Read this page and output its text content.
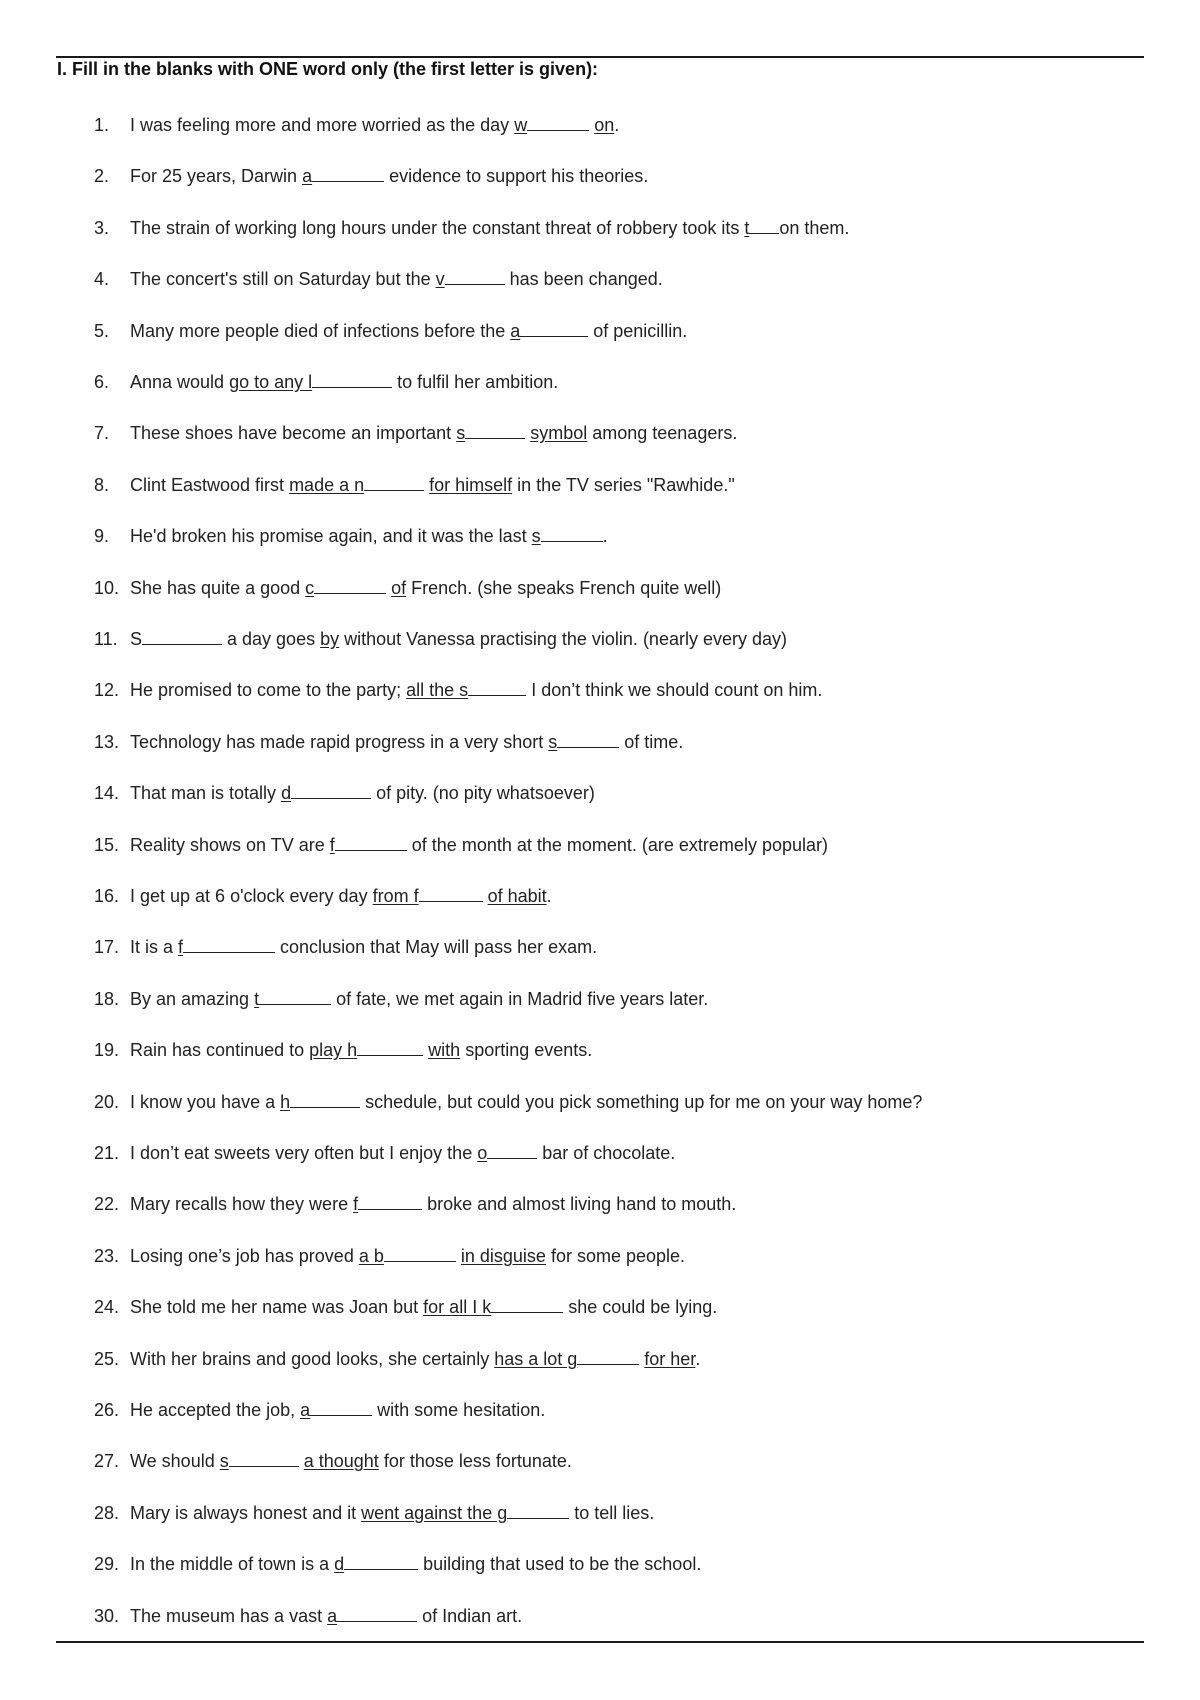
I. Fill in the blanks with ONE word only (the first letter is given):
1. I was feeling more and more worried as the day w	on.
2. For 25 years, Darwin a	evidence to support his theories.
3. The strain of working long hours under the constant threat of robbery took its t on them.
4. The concert's still on Saturday but the v	has been changed.
5. Many more people died of infections before the a	of penicillin.
6. Anna would go to any l	to fulfil her ambition.
7. These shoes have become an important s	symbol among teenagers.
8. Clint Eastwood first made a n	for himself in the TV series "Rawhide."
9. He'd broken his promise again, and it was the last s	.
10. She has quite a good c	of French. (she speaks French quite well)
11. S	a day goes by without Vanessa practising the violin. (nearly every day)
12. He promised to come to the party; all the s	I don’t think we should count on him.
13. Technology has made rapid progress in a very short s	of time.
14. That man is totally d	of pity. (no pity whatsoever)
15. Reality shows on TV are f	of the month at the moment. (are extremely popular)
16. I get up at 6 o'clock every day from f	of habit.
17. It is a f	conclusion that May will pass her exam.
18. By an amazing t	of fate, we met again in Madrid five years later.
19. Rain has continued to play h	with sporting events.
20. I know you have a h	schedule, but could you pick something up for me on your way home?
21. I don’t eat sweets very often but I enjoy the o	bar of chocolate.
22. Mary recalls how they were f	broke and almost living hand to mouth.
23. Losing one’s job has proved a b	in disguise for some people.
24. She told me her name was Joan but for all I k	she could be lying.
25. With her brains and good looks, she certainly has a lot g	for her.
26. He accepted the job, a	with some hesitation.
27. We should s	a thought for those less fortunate.
28. Mary is always honest and it went against the g	to tell lies.
29. In the middle of town is a d	building that used to be the school.
30. The museum has a vast a	of Indian art.
